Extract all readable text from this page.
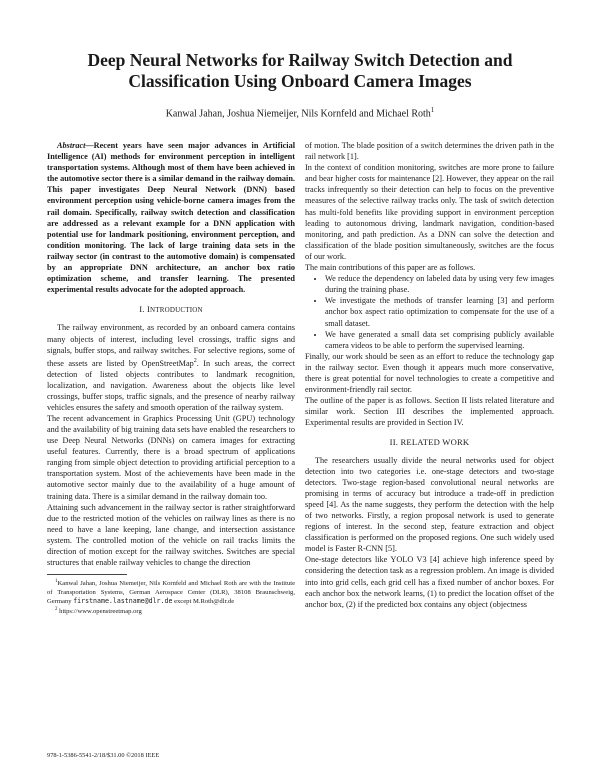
Deep Neural Networks for Railway Switch Detection and Classification Using Onboard Camera Images
Kanwal Jahan, Joshua Niemeijer, Nils Kornfeld and Michael Roth$^1$

Abstract—Recent years have seen major advances in Artificial Intelligence (AI) methods for environment perception in intelligent transportation systems. Although most of them have been achieved in the automotive sector there is a similar demand in the railway domain. This paper investigates Deep Neural Network (DNN) based environment perception using vehicle-borne camera images from the rail domain. Specifically, railway switch detection and classification are addressed as a relevant example for a DNN application with potential use for landmark positioning, environment perception, and condition monitoring. The lack of large training data sets in the railway sector (in contrast to the automotive domain) is compensated by an appropriate DNN architecture, an anchor box ratio optimization scheme, and transfer learning. The presented experimental results advocate for the adopted approach.

I. INTRODUCTION

The railway environment, as recorded by an onboard camera contains many objects of interest, including level crossings, traffic signs and signals, buffer stops, and railway switches. For selective regions, some of these assets are listed by OpenStreetMap$^2$. In such areas, the correct detection of listed objects contributes to landmark recognition, localization, and navigation. Awareness about the objects like level crossings, buffer stops, traffic signals, and the presence of nearby railway vehicles ensures the safety and smooth operation of the railway system.

The recent advancement in Graphics Processing Unit (GPU) technology and the availability of big training data sets have enabled the researchers to use Deep Neural Networks (DNNs) on camera images for extracting useful features. Currently, there is a broad spectrum of applications ranging from simple object detection to providing artificial perception to a transportation system. Most of the achievements have been made in the automotive sector mainly due to the availability of a huge amount of training data. There is a similar demand in the railway domain too.

Attaining such advancement in the railway sector is rather straightforward due to the restricted motion of the vehicles on railway lines as there is no need to have a lane keeping, lane change, and intersection assistance system. The controlled motion of the vehicle on rail tracks limits the direction of motion except for the railway switches. Switches are special structures that enable railway vehicles to change the direction

$^1$Kanwal Jahan, Joshua Niemeijer, Nils Kornfeld and Michael Roth are with the Institute of Transportation Systems, German Aerospace Center (DLR), 38108 Braunschweig, Germany firstname.lastname@dlr.de except M.Roth@dlr.de
$^2$ https://www.openstreetmap.org
978-1-5386-5541-2/18/$31.00 ©2018 IEEE

of motion. The blade position of a switch determines the driven path in the rail network [1].

In the context of condition monitoring, switches are more prone to failure and bear higher costs for maintenance [2]. However, they appear on the rail tracks infrequently so their detection can help to focus on the preventive measures of the selective railway tracks only. The task of switch detection has multi-fold benefits like providing support in environment perception leading to autonomous driving, landmark navigation, condition-based monitoring, and path prediction. As a DNN can solve the detection and classification of the blade position simultaneously, switches are the focus of our work.

The main contributions of this paper are as follows.

• We reduce the dependency on labeled data by using very few images during the training phase.
• We investigate the methods of transfer learning [3] and perform anchor box aspect ratio optimization to compensate for the use of a small dataset.
• We have generated a small data set comprising publicly available camera videos to be able to perform the supervised learning.

Finally, our work should be seen as an effort to reduce the technology gap in the railway sector. Even though it appears much more conservative, there is great potential for novel technologies to create a competitive and environment-friendly rail sector.

The outline of the paper is as follows. Section II lists related literature and similar work. Section III describes the implemented approach. Experimental results are provided in Section IV.

II. RELATED WORK

The researchers usually divide the neural networks used for object detection into two categories i.e. one-stage detectors and two-stage detectors. Two-stage region-based convolutional neural networks are promising in terms of accuracy but introduce a trade-off in prediction speed [4]. As the name suggests, they perform the detection with the help of two networks. Firstly, a region proposal network is used to generate regions of interest. In the second step, feature extraction and object classification is performed on the proposed regions. One such widely used model is Faster R-CNN [5].

One-stage detectors like YOLO V3 [4] achieve high inference speed by considering the detection task as a regression problem. An image is divided into into grid cells, each grid cell has a fixed number of anchor boxes. For each anchor box the network learns, (1) to predict the location offset of the anchor box, (2) if the predicted box contains any object (objectness
